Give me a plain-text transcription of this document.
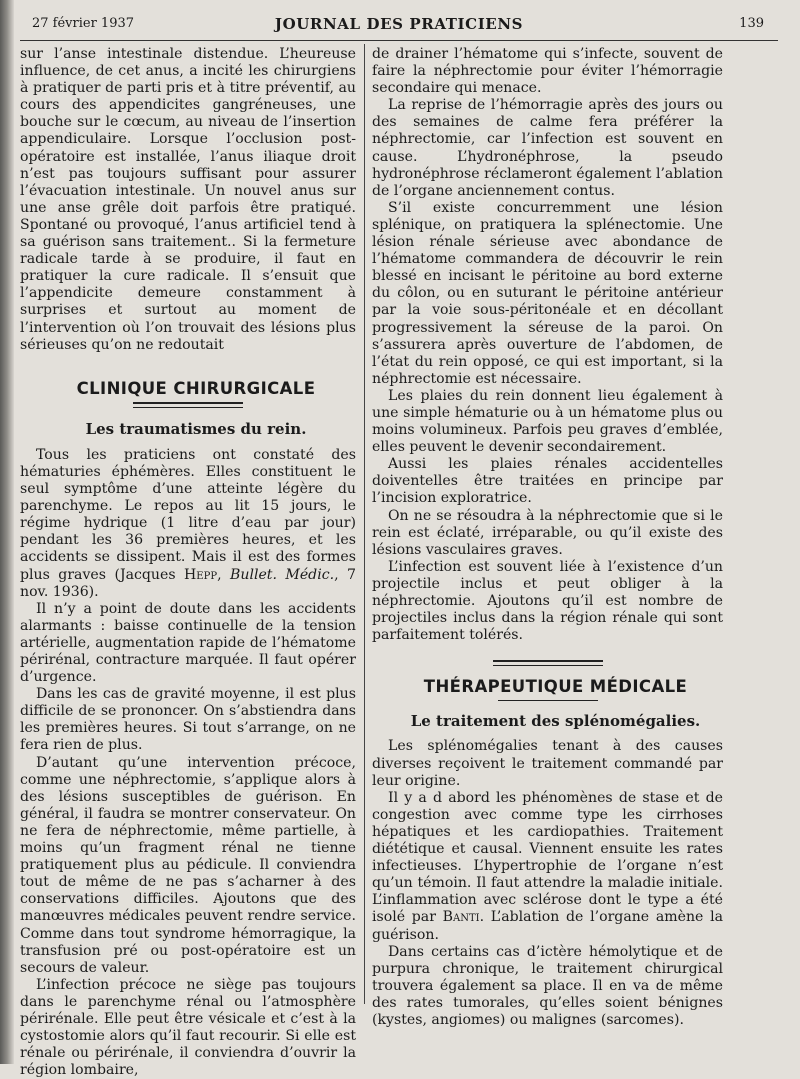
27 février 1937	JOURNAL DES PRATICIENS	139

sur l’anse intestinale distendue. L’heureuse influence, de cet anus, a incité les chirurgiens à pratiquer de parti pris et à titre préventif, au cours des appendicites gangréneuses, une bouche sur le cœcum, au niveau de l’insertion appendiculaire. Lorsque l’occlusion post-opératoire est installée, l’anus iliaque droit n’est pas toujours suffisant pour assurer l’évacuation intestinale. Un nouvel anus sur une anse grêle doit parfois être pratiqué. Spontané ou provoqué, l’anus artificiel tend à sa guérison sans traitement.. Si la fermeture radicale tarde à se produire, il faut en pratiquer la cure radicale. Il s’ensuit que l’appendicite demeure constamment à surprises et surtout au moment de l’intervention où l’on trouvait des lésions plus sérieuses qu’on ne redoutait

CLINIQUE CHIRURGICALE

Les traumatismes du rein.

Tous les praticiens ont constaté des hématuries éphémères. Elles constituent le seul symptôme d’une atteinte légère du parenchyme. Le repos au lit 15 jours, le régime hydrique (1 litre d’eau par jour) pendant les 36 premières heures, et les accidents se dissipent. Mais il est des formes plus graves (Jacques Hepp, Bullet. Médic., 7 nov. 1936).

Il n’y a point de doute dans les accidents alarmants : baisse continuelle de la tension artérielle, augmentation rapide de l’hématome périrénal, contracture marquée. Il faut opérer d’urgence.

Dans les cas de gravité moyenne, il est plus difficile de se prononcer. On s’abstiendra dans les premières heures. Si tout s’arrange, on ne fera rien de plus.

D’autant qu’une intervention précoce, comme une néphrectomie, s’applique alors à des lésions susceptibles de guérison. En général, il faudra se montrer conservateur. On ne fera de néphrectomie, même partielle, à moins qu’un fragment rénal ne tienne pratiquement plus au pédicule. Il conviendra tout de même de ne pas s’acharner à des conservations difficiles. Ajoutons que des manœuvres médicales peuvent rendre service. Comme dans tout syndrome hémorragique, la transfusion pré ou post-opératoire est un secours de valeur.

L’infection précoce ne siège pas toujours dans le parenchyme rénal ou l’atmosphère périrénale. Elle peut être vésicale et c’est à la cystostomie alors qu’il faut recourir. Si elle est rénale ou périrénale, il conviendra d’ouvrir la région lombaire,

de drainer l’hématome qui s’infecte, souvent de faire la néphrectomie pour éviter l’hémorragie secondaire qui menace.

La reprise de l’hémorragie après des jours ou des semaines de calme fera préférer la néphrectomie, car l’infection est souvent en cause. L’hydronéphrose, la pseudo hydronéphrose réclameront également l’ablation de l’organe anciennement contus.

S’il existe concurremment une lésion splénique, on pratiquera la splénectomie. Une lésion rénale sérieuse avec abondance de l’hématome commandera de découvrir le rein blessé en incisant le péritoine au bord externe du côlon, ou en suturant le péritoine antérieur par la voie sous-péritonéale et en décollant progressivement la séreuse de la paroi. On s’assurera après ouverture de l’abdomen, de l’état du rein opposé, ce qui est important, si la néphrectomie est nécessaire.

Les plaies du rein donnent lieu également à une simple hématurie ou à un hématome plus ou moins volumineux. Parfois peu graves d’emblée, elles peuvent le devenir secondairement.

Aussi les plaies rénales accidentelles doiventelles être traitées en principe par l’incision exploratrice.

On ne se résoudra à la néphrectomie que si le rein est éclaté, irréparable, ou qu’il existe des lésions vasculaires graves.

L’infection est souvent liée à l’existence d’un projectile inclus et peut obliger à la néphrectomie. Ajoutons qu’il est nombre de projectiles inclus dans la région rénale qui sont parfaitement tolérés.

THÉRAPEUTIQUE MÉDICALE

Le traitement des splénomégalies.

Les splénomégalies tenant à des causes diverses reçoivent le traitement commandé par leur origine.

Il y a d abord les phénomènes de stase et de congestion avec comme type les cirrhoses hépatiques et les cardiopathies. Traitement diététique et causal. Viennent ensuite les rates infectieuses. L’hypertrophie de l’organe n’est qu’un témoin. Il faut attendre la maladie initiale. L’inflammation avec sclérose dont le type a été isolé par Banti. L’ablation de l’organe amène la guérison.

Dans certains cas d’ictère hémolytique et de purpura chronique, le traitement chirurgical trouvera également sa place. Il en va de même des rates tumorales, qu’elles soient bénignes (kystes, angiomes) ou malignes (sarcomes).
